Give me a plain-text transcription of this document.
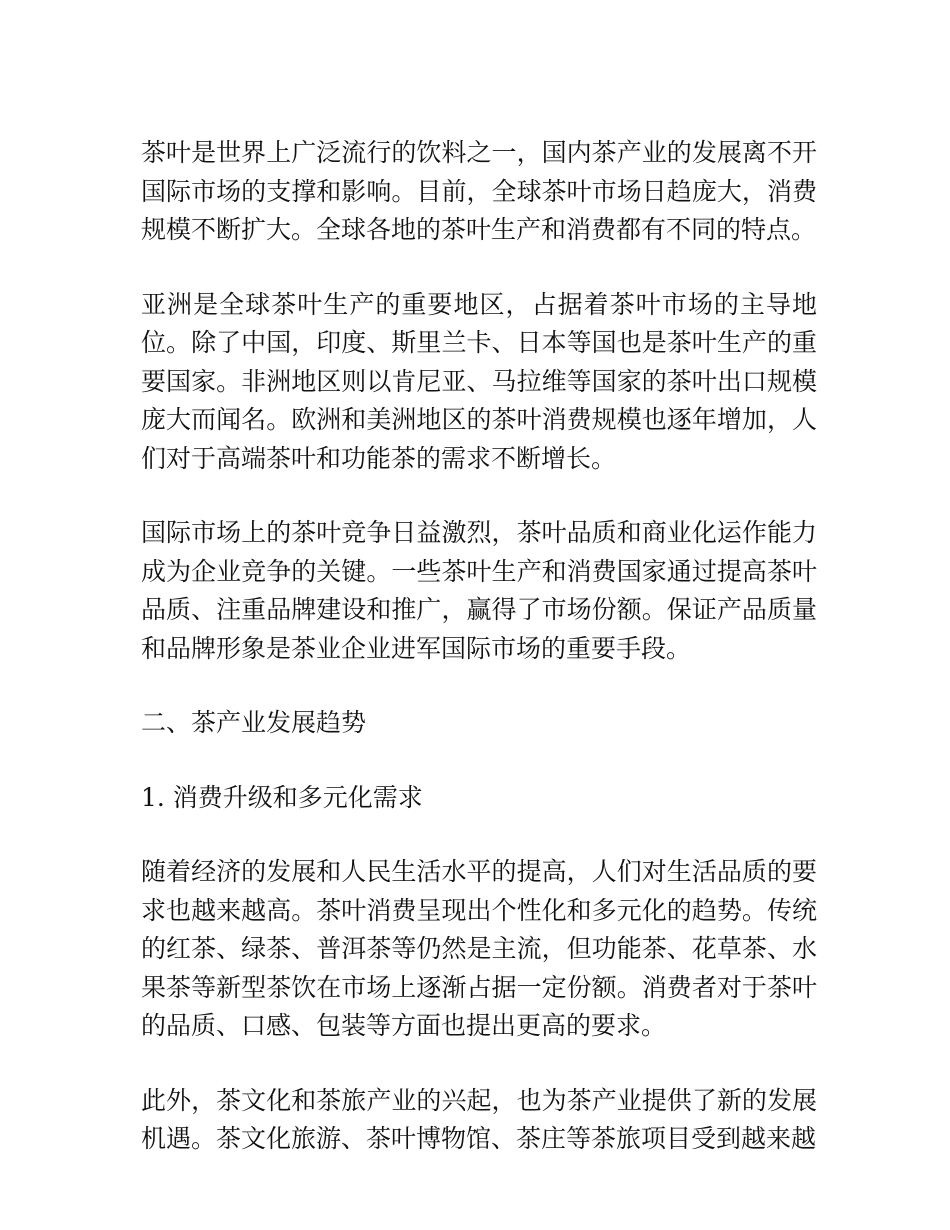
茶叶是世界上广泛流行的饮料之一，国内茶产业的发展离不开国际市场的支撑和影响。目前，全球茶叶市场日趋庞大，消费规模不断扩大。全球各地的茶叶生产和消费都有不同的特点。

亚洲是全球茶叶生产的重要地区，占据着茶叶市场的主导地位。除了中国，印度、斯里兰卡、日本等国也是茶叶生产的重要国家。非洲地区则以肯尼亚、马拉维等国家的茶叶出口规模庞大而闻名。欧洲和美洲地区的茶叶消费规模也逐年增加，人们对于高端茶叶和功能茶的需求不断增长。

国际市场上的茶叶竞争日益激烈，茶叶品质和商业化运作能力成为企业竞争的关键。一些茶叶生产和消费国家通过提高茶叶品质、注重品牌建设和推广，赢得了市场份额。保证产品质量和品牌形象是茶业企业进军国际市场的重要手段。

二、茶产业发展趋势

1. 消费升级和多元化需求

随着经济的发展和人民生活水平的提高，人们对生活品质的要求也越来越高。茶叶消费呈现出个性化和多元化的趋势。传统的红茶、绿茶、普洱茶等仍然是主流，但功能茶、花草茶、水果茶等新型茶饮在市场上逐渐占据一定份额。消费者对于茶叶的品质、口感、包装等方面也提出更高的要求。

此外，茶文化和茶旅产业的兴起，也为茶产业提供了新的发展机遇。茶文化旅游、茶叶博物馆、茶庄等茶旅项目受到越来越
